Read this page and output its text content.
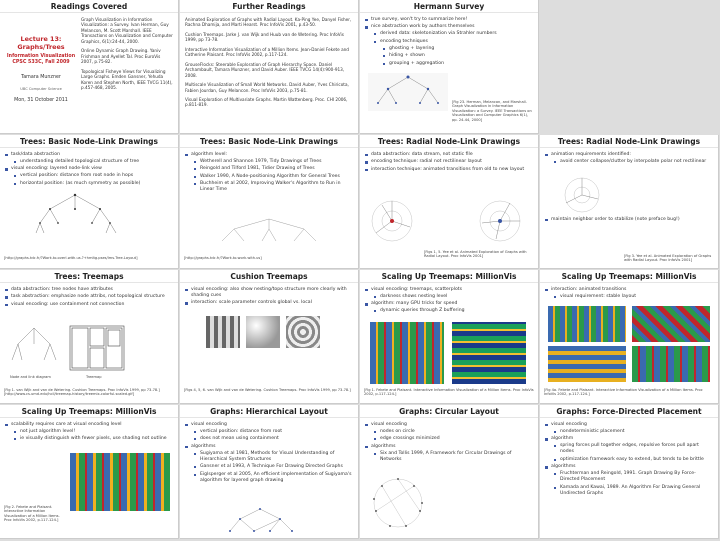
Readings Covered
Lecture 13: Graphs/Trees
Information Visualization
CPSC 533C, Fall 2009
Tamara Munzner
UBC Computer Science
Mon, 31 October 2011

Graph Visualization in Information Visualization: a Survey. Ivan Herman, Guy Melancon, M. Scott Marshall. IEEE Transactions on Visualization and Computer Graphics, 6(1):24-44, 2000.

Online Dynamic Graph Drawing. Yaniv Frishman and Ayellet Tal. Proc EuroVis 2007, p.75-82.

Topological Fisheye Views for Visualizing Large Graphs. Emden Gansner, Yehuda Koren and Stephen North, IEEE TVCG 11(4), p.457-468, 2005.

Further Readings

Animated Exploration of Graphs with Radial Layout. Ka-Ping Yee, Danyel Fisher, Rachna Dhamija, and Marti Hearst. Proc InfoVis 2001, p.43-50.

Cushion Treemaps. Jarke J. van Wijk and Huub van de Wetering. Proc InfoVis 1999, pp 73-78.

Interactive Information Visualization of a Million Items. Jean-Daniel Fekete and Catherine Plaisant. Proc InfoVis 2002, p.117-124.

GrouseFlocks: Steerable Exploration of Graph Hierarchy Space. Daniel Archambault, Tamara Munzner, and David Auber. IEEE TVCG 14(4):900-913, 2008.

Multiscale Visualization of Small World Networks. David Auber, Yves Chiricota, Fabien Jourdan, Guy Melancon. Proc InfoVis 2003, p.75-81.

Visual Exploration of Multivariate Graphs. Martin Wattenberg. Proc. CHI 2006, p.811-819.

Hermann Survey
true survey, won't try to summarize here!
nice abstraction work by authors themselves
derived data: skeletonization via Strahler numbers
encoding techniques
ghosting + layering
hiding + shown
grouping + aggregation
[Fig 23. Herman, Melancon, and Marshall. Graph Visualization in Information Visualization: a Survey. IEEE Transactions on Visualization and Computer Graphics 6(1), pp. 24-44, 2000]
Trees: Basic Node-Link Drawings
task/data abstraction
understanding detailed topological structure of tree
visual encoding: layered node-link view
vertical position: distance from root node in hops
horizontal position: (as much symmetry as possible)
[http://graphs.tdc.fr/?Work.to.overl.with.us.?+hmltg.pses/lms.Tree.Layout]
Trees: Basic Node-Link Drawings
algorithm level:
Wetherell and Shannon 1979, Tidy Drawings of Trees
Reingold and Tilford 1981, Tidier Drawing of Trees
Walker 1990, A Node-positioning Algorithm for General Trees
Buchheim et al 2002, Improving Walker's Algorithm to Run in Linear Time
[http://graphs.tdc.fr/?Work.to.work.with.us]
Trees: Radial Node-Link Drawings
data abstraction: data stream, not static file
encoding technique: radial not rectilinear layout
interaction technique: animated transitions from old to new layout
[Figs 1, 5. Yee et al. Animated Exploration of Graphs with Radial Layout. Proc InfoVis 2001]
Trees: Radial Node-Link Drawings
animation requirements identified:
avoid center collapse/clutter by interpolate polar not rectilinear
maintain neighbor order to stabilize (note preface bug!)
[Fig 3. Yee et al. Animated Exploration of Graphs with Radial Layout. Proc InfoVis 2001]
Trees: Treemaps
data abstraction: tree nodes have attributes
task abstraction: emphasize node attribs, not topological structure
visual encoding: use containment not connection
Node and link diagram	Treemap
[Fig 1. van Wijk and van de Wetering. Cushion Treemaps. Proc InfoVis 1999, pp 73-78.] [http://www.cs.umd.edu/hcil/treemap-history/treemix-colorful.scaled.gif]
Cushion Treemaps
visual encoding: also show nesting/topo structure more clearly with shading cues
interaction: scale parameter controls global vs. local
[Figs 4, 5, 6. van Wijk and van de Wetering. Cushion Treemaps. Proc InfoVis 1999, pp 73-78.]
Scaling Up Treemaps: MillionVis
visual encoding: treemaps, scatterplots
darkness shows nesting level
algorithm: many GPU tricks for speed
dynamic queries through Z buffering
[Fig 1. Fekete and Plaisant. Interactive Information Visualization of a Million Items. Proc InfoVis 2002, p.117-124.]
Scaling Up Treemaps: MillionVis
interaction: animated transitions
visual requirement: stable layout
[Fig 4a. Fekete and Plaisant. Interactive Information Visualization of a Million Items. Proc InfoVis 2002, p.117-124.]
Scaling Up Treemaps: MillionVis
scalability requires care at visual encoding level
not just algorithm level!
ie visually distinguish with fewer pixels, use shading not outline
[Fig 2. Fekete and Plaisant. Interactive Information Visualization of a Million Items. Proc InfoVis 2002, p.117-124.]
Graphs: Hierarchical Layout
visual encoding
vertical position: distance from root
does not mean using containment
algorithms
Sugiyama et al 1981, Methods for Visual Understanding of Hierarchical System Structures
Gansner et al 1993, A Technique For Drawing Directed Graphs
Eiglsperger et al 2005, An efficient implementation of Sugiyama's algorithm for layered graph drawing
Graphs: Circular Layout
visual encoding
nodes on circle
edge crossings minimized
algorithms
Six and Tollis 1999, A Framework for Circular Drawings of Networks
Graphs: Force-Directed Placement
visual encoding
nondeterministic placement
algorithm
spring forces pull together edges, repulsive forces pull apart nodes
optimization framework easy to extend, but tends to be brittle
algorithms
Fruchterman and Reingold, 1991. Graph Drawing By Force-Directed Placement
Kamada and Kawai, 1989. An Algorithm For Drawing General Undirected Graphs
